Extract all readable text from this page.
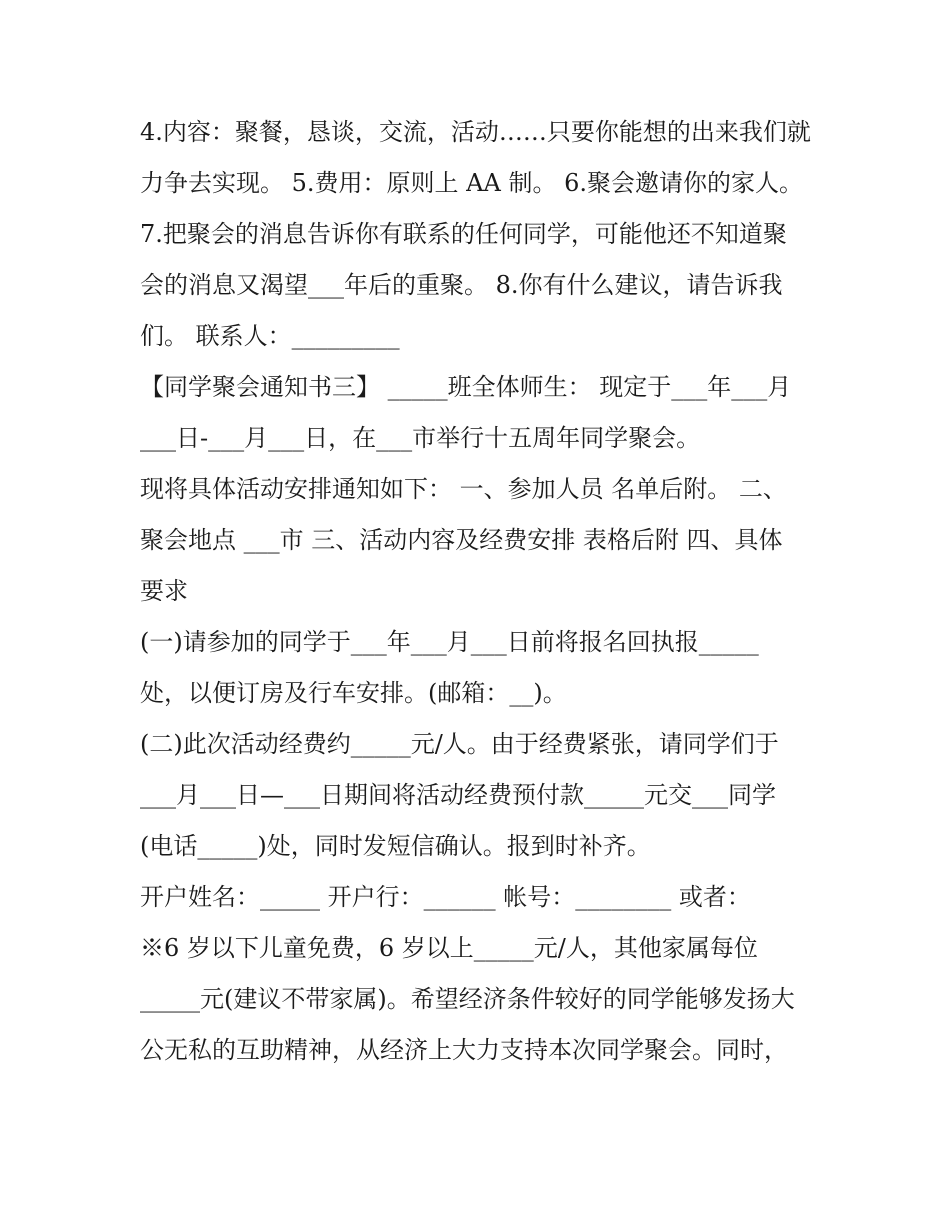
4.内容：聚餐，恳谈，交流，活动……只要你能想的出来我们就
力争去实现。 5.费用：原则上 AA 制。 6.聚会邀请你的家人。
7.把聚会的消息告诉你有联系的任何同学，可能他还不知道聚
会的消息又渴望___年后的重聚。 8.你有什么建议，请告诉我
们。 联系人：_________
【同学聚会通知书三】 _____班全体师生： 现定于___年___月
___日-___月___日，在___市举行十五周年同学聚会。
现将具体活动安排通知如下： 一、参加人员 名单后附。 二、
聚会地点 ___市 三、活动内容及经费安排 表格后附 四、具体
要求
(一)请参加的同学于___年___月___日前将报名回执报_____
处，以便订房及行车安排。(邮箱：__)。
(二)此次活动经费约_____元/人。由于经费紧张，请同学们于
___月___日—___日期间将活动经费预付款_____元交___同学
(电话_____)处，同时发短信确认。报到时补齐。
开户姓名：_____ 开户行：______ 帐号：________ 或者：
※6 岁以下儿童免费，6 岁以上_____元/人，其他家属每位
_____元(建议不带家属)。希望经济条件较好的同学能够发扬大
公无私的互助精神，从经济上大力支持本次同学聚会。同时，
